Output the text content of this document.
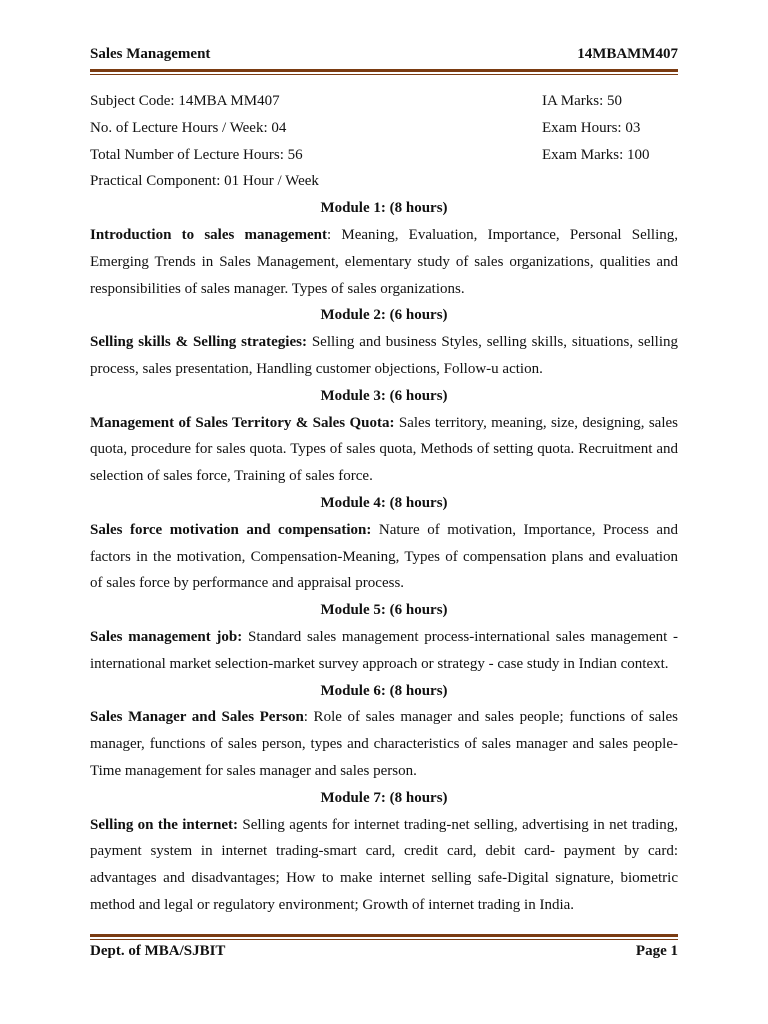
Sales Management	14MBAMM407
Subject Code: 14MBA MM407	IA Marks: 50
No. of Lecture Hours / Week: 04	Exam Hours: 03
Total Number of Lecture Hours: 56	Exam Marks: 100
Practical Component: 01 Hour / Week
Module 1: (8 hours)

Introduction to sales management: Meaning, Evaluation, Importance, Personal Selling, Emerging Trends in Sales Management, elementary study of sales organizations, qualities and responsibilities of sales manager. Types of sales organizations.

Module 2: (6 hours)

Selling skills & Selling strategies: Selling and business Styles, selling skills, situations, selling process, sales presentation, Handling customer objections, Follow-u action.

Module 3: (6 hours)

Management of Sales Territory & Sales Quota: Sales territory, meaning, size, designing, sales quota, procedure for sales quota. Types of sales quota, Methods of setting quota. Recruitment and selection of sales force, Training of sales force.

Module 4: (8 hours)

Sales force motivation and compensation: Nature of motivation, Importance, Process and factors in the motivation, Compensation-Meaning, Types of compensation plans and evaluation of sales force by performance and appraisal process.

Module 5: (6 hours)

Sales management job: Standard sales management process-international sales management - international market selection-market survey approach or strategy - case study in Indian context.

Module 6: (8 hours)

Sales Manager and Sales Person: Role of sales manager and sales people; functions of sales manager, functions of sales person, types and characteristics of sales manager and sales people- Time management for sales manager and sales person.

Module 7: (8 hours)

Selling on the internet: Selling agents for internet trading-net selling, advertising in net trading, payment system in internet trading-smart card, credit card, debit card- payment by card: advantages and disadvantages; How to make internet selling safe-Digital signature, biometric method and legal or regulatory environment; Growth of internet trading in India.

Dept. of MBA/SJBIT	Page 1
